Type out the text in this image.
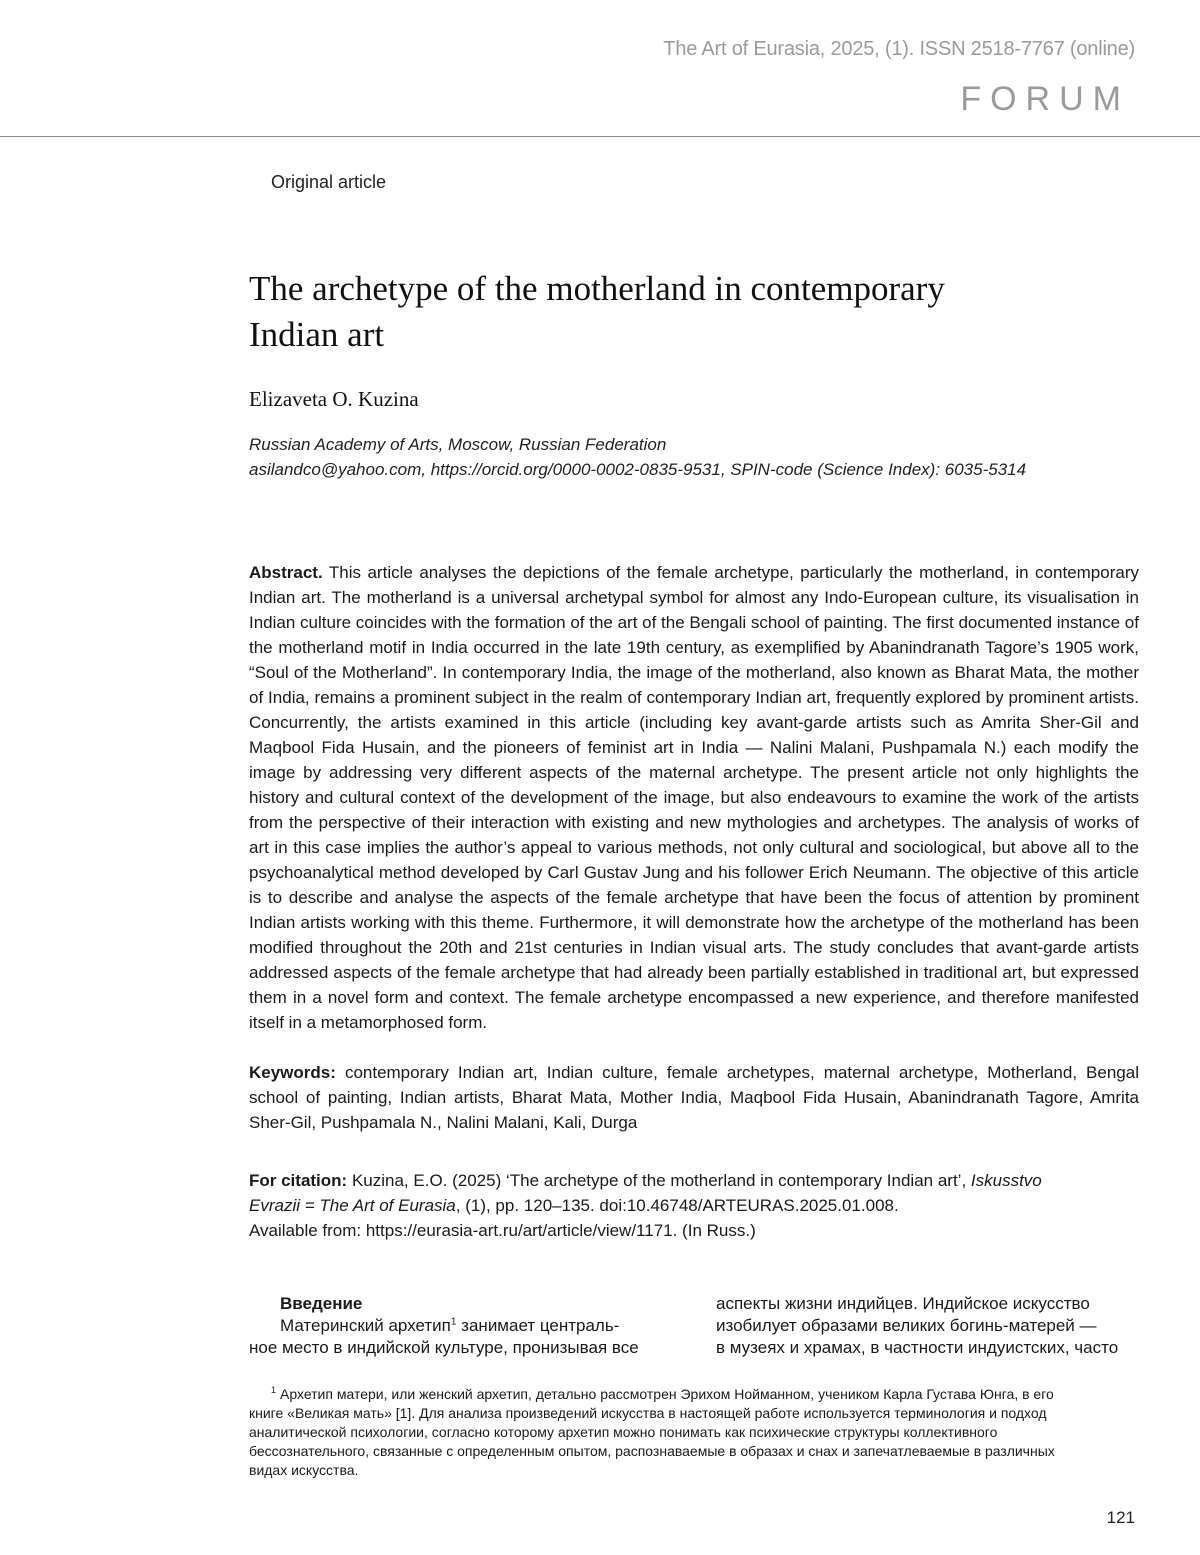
The Art of Eurasia, 2025, (1). ISSN 2518-7767 (online)
FORUM
Original article
The archetype of the motherland in contemporary
Indian art
Elizaveta O. Kuzina
Russian Academy of Arts, Moscow, Russian Federation
asilandco@yahoo.com, https://orcid.org/0000-0002-0835-9531, SPIN-code (Science Index): 6035-5314

Abstract. This article analyses the depictions of the female archetype, particularly the motherland, in contemporary Indian art. The motherland is a universal archetypal symbol for almost any Indo-European culture, its visualisation in Indian culture coincides with the formation of the art of the Bengali school of painting. The first documented instance of the motherland motif in India occurred in the late 19th century, as exemplified by Abanindranath Tagore’s 1905 work, “Soul of the Motherland”. In contemporary India, the image of the motherland, also known as Bharat Mata, the mother of India, remains a prominent subject in the realm of contemporary Indian art, frequently explored by prominent artists. Concurrently, the artists examined in this article (including key avant-garde artists such as Amrita Sher-Gil and Maqbool Fida Husain, and the pioneers of feminist art in India — Nalini Malani, Pushpamala N.) each modify the image by addressing very different aspects of the maternal archetype. The present article not only highlights the history and cultural context of the development of the image, but also endeavours to examine the work of the artists from the perspective of their interaction with existing and new mythologies and archetypes. The analysis of works of art in this case implies the author’s appeal to various methods, not only cultural and sociological, but above all to the psychoanalytical method developed by Carl Gustav Jung and his follower Erich Neumann. The objective of this article is to describe and analyse the aspects of the female archetype that have been the focus of attention by prominent Indian artists working with this theme. Furthermore, it will demonstrate how the archetype of the motherland has been modified throughout the 20th and 21st centuries in Indian visual arts. The study concludes that avant-garde artists addressed aspects of the female archetype that had already been partially established in traditional art, but expressed them in a novel form and context. The female archetype encompassed a new experience, and therefore manifested itself in a metamorphosed form.

Keywords: contemporary Indian art, Indian culture, female archetypes, maternal archetype, Motherland, Bengal school of painting, Indian artists, Bharat Mata, Mother India, Maqbool Fida Husain, Abanindranath Tagore, Amrita Sher-Gil, Pushpamala N., Nalini Malani, Kali, Durga

For citation: Kuzina, E.O. (2025) ‘The archetype of the motherland in contemporary Indian art’, Iskusstvo
Evrazii = The Art of Eurasia, (1), pp. 120–135. doi:10.46748/ARTEURAS.2025.01.008.
Available from: https://eurasia-art.ru/art/article/view/1171. (In Russ.)

Введение
Материнский архетип$^1$ занимает централь-
ное место в индийской культуре, пронизывая все
аспекты жизни индийцев. Индийское искусство
изобилует образами великих богинь-матерей —
в музеях и храмах, в частности индуистских, часто
$^1$ Архетип матери, или женский архетип, детально рассмотрен Эрихом Нойманном, учеником Карла Густава Юнга, в его
книге «Великая мать» [1]. Для анализа произведений искусства в настоящей работе используется терминология и подход
аналитической психологии, согласно которому архетип можно понимать как психические структуры коллективного
бессознательного, связанные с определенным опытом, распознаваемые в образах и снах и запечатлеваемые в различных
видах искусства.
121
